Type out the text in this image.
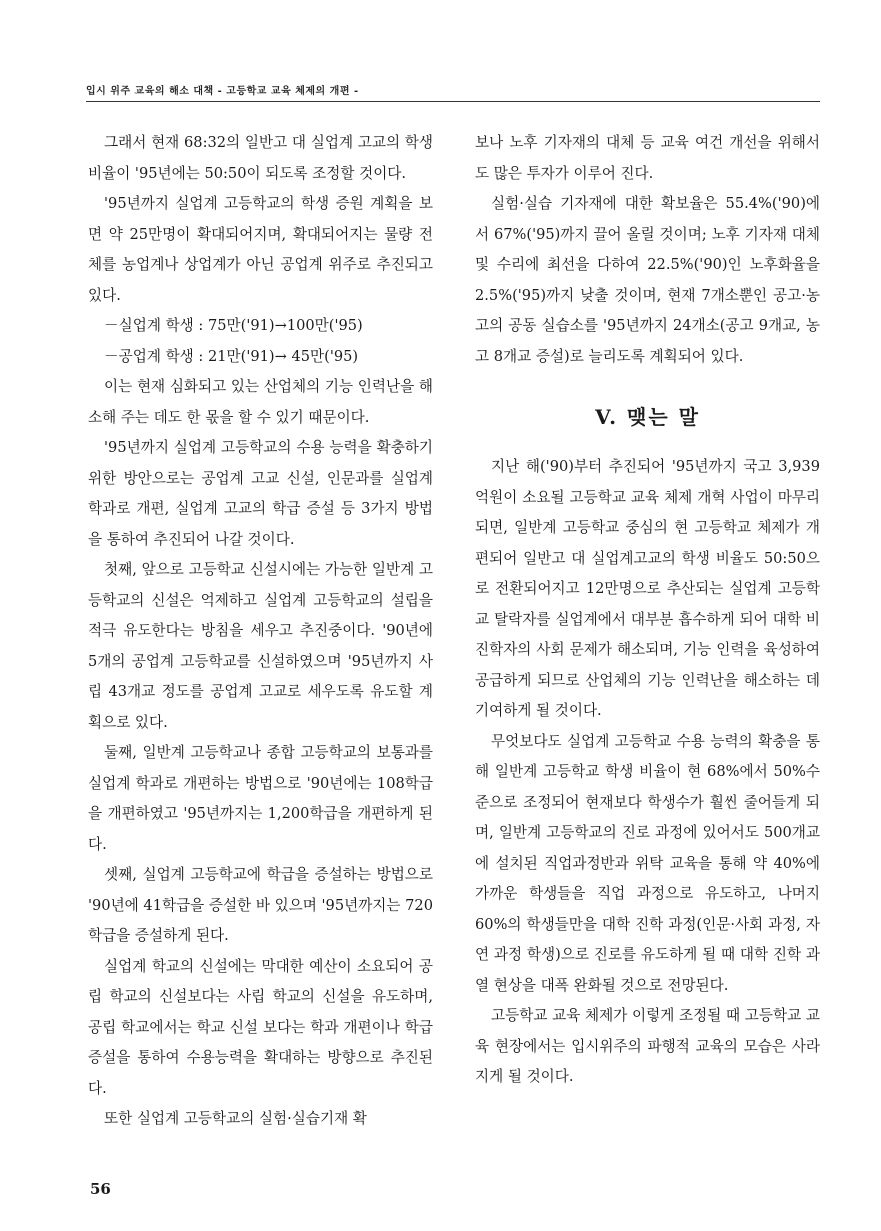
입시 위주 교육의 해소 대책 - 고등학교 교육 체제의 개편 -

그래서 현재 68:32의 일반고 대 실업계 고교의 학생 비율이 '95년에는 50:50이 되도록 조정할 것이다.

'95년까지 실업계 고등학교의 학생 증원 계획을 보면 약 25만명이 확대되어지며, 확대되어지는 물량 전체를 농업계나 상업계가 아닌 공업계 위주로 추진되고 있다.

－실업계 학생 : 75만('91)→100만('95)

－공업계 학생 : 21만('91)→ 45만('95)

이는 현재 심화되고 있는 산업체의 기능 인력난을 해소해 주는 데도 한 몫을 할 수 있기 때문이다.

'95년까지 실업계 고등학교의 수용 능력을 확충하기 위한 방안으로는 공업계 고교 신설, 인문과를 실업계 학과로 개편, 실업계 고교의 학급 증설 등 3가지 방법을 통하여 추진되어 나갈 것이다.

첫째, 앞으로 고등학교 신설시에는 가능한 일반계 고등학교의 신설은 억제하고 실업계 고등학교의 설립을 적극 유도한다는 방침을 세우고 추진중이다. '90년에 5개의 공업계 고등학교를 신설하였으며 '95년까지 사립 43개교 정도를 공업계 고교로 세우도록 유도할 계획으로 있다.

둘째, 일반계 고등학교나 종합 고등학교의 보통과를 실업계 학과로 개편하는 방법으로 '90년에는 108학급을 개편하였고 '95년까지는 1,200학급을 개편하게 된다.

셋째, 실업계 고등학교에 학급을 증설하는 방법으로 '90년에 41학급을 증설한 바 있으며 '95년까지는 720학급을 증설하게 된다.

실업계 학교의 신설에는 막대한 예산이 소요되어 공립 학교의 신설보다는 사립 학교의 신설을 유도하며, 공립 학교에서는 학교 신설 보다는 학과 개편이나 학급 증설을 통하여 수용능력을 확대하는 방향으로 추진된다.

또한 실업계 고등학교의 실험·실습기재 확

보나 노후 기자재의 대체 등 교육 여건 개선을 위해서도 많은 투자가 이루어 진다.

실험·실습 기자재에 대한 확보율은 55.4%('90)에서 67%('95)까지 끌어 올릴 것이며; 노후 기자재 대체 및 수리에 최선을 다하여 22.5%('90)인 노후화율을 2.5%('95)까지 낮출 것이며, 현재 7개소뿐인 공고·농고의 공동 실습소를 '95년까지 24개소(공고 9개교, 농고 8개교 증설)로 늘리도록 계획되어 있다.

V. 맺는 말

지난 해('90)부터 추진되어 '95년까지 국고 3,939억원이 소요될 고등학교 교육 체제 개혁 사업이 마무리되면, 일반계 고등학교 중심의 현 고등학교 체제가 개편되어 일반고 대 실업계고교의 학생 비율도 50:50으로 전환되어지고 12만명으로 추산되는 실업계 고등학교 탈락자를 실업계에서 대부분 흡수하게 되어 대학 비진학자의 사회 문제가 해소되며, 기능 인력을 육성하여 공급하게 되므로 산업체의 기능 인력난을 해소하는 데 기여하게 될 것이다.

무엇보다도 실업계 고등학교 수용 능력의 확충을 통해 일반계 고등학교 학생 비율이 현 68%에서 50%수준으로 조정되어 현재보다 학생수가 훨씬 줄어들게 되며, 일반계 고등학교의 진로 과정에 있어서도 500개교에 설치된 직업과정반과 위탁 교육을 통해 약 40%에 가까운 학생들을 직업 과정으로 유도하고, 나머지 60%의 학생들만을 대학 진학 과정(인문·사회 과정, 자연 과정 학생)으로 진로를 유도하게 될 때 대학 진학 과열 현상을 대폭 완화될 것으로 전망된다.

고등학교 교육 체제가 이렇게 조정될 때 고등학교 교육 현장에서는 입시위주의 파행적 교육의 모습은 사라지게 될 것이다.

56
